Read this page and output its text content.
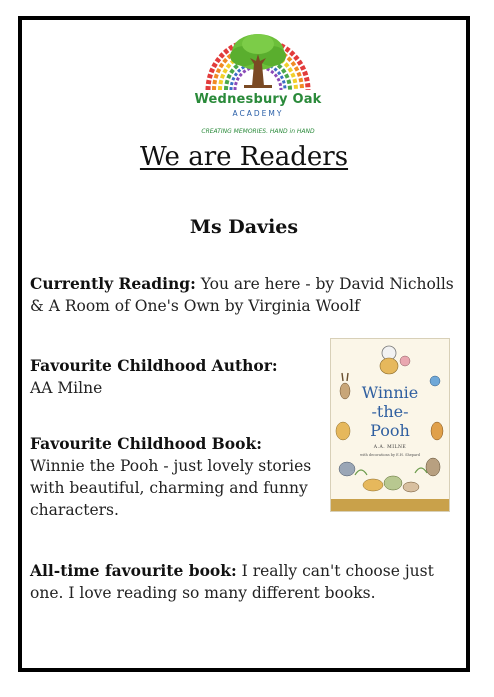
Wednesbury Oak
ACADEMY
CREATING MEMORIES. HAND in HAND
We are Readers
Ms Davies
Currently Reading: You are here - by David Nicholls & A Room of One's Own by Virginia Woolf
Favourite Childhood Author:
AA Milne
Favourite Childhood Book:
Winnie the Pooh - just lovely stories with beautiful, charming and funny characters.
All-time favourite book: I really can't choose just one. I love reading so many different books.
Winnie
-the-
Pooh
A.A. MILNE
with decorations by E.H. Shepard
